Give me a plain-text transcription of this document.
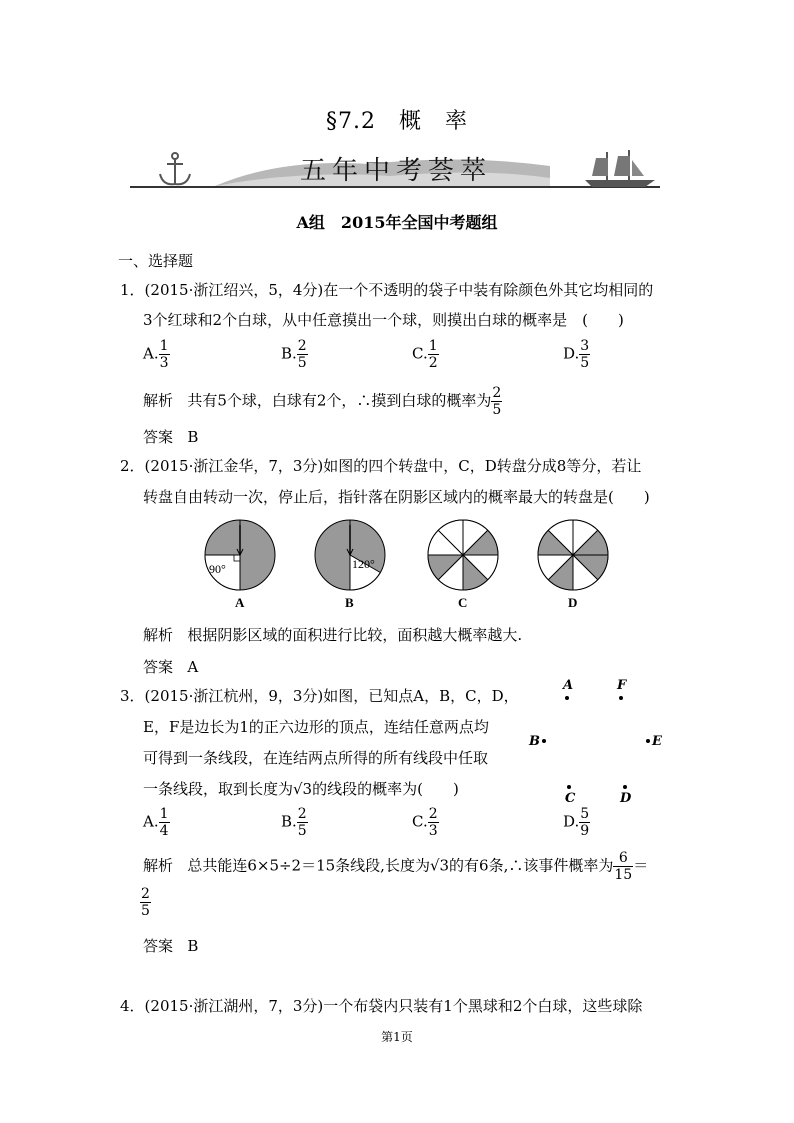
§7.2　概　率
五年中考荟萃
A组　2015年全国中考题组
一、选择题
1．(2015·浙江绍兴，5，4分)在一个不透明的袋子中装有除颜色外其它均相同的
3个红球和2个白球，从中任意摸出一个球，则摸出白球的概率是　(　　)
A. $\frac{1}{3}$	B. $\frac{2}{5}$	C. $\frac{1}{2}$	D. $\frac{3}{5}$
解析 共有5个球，白球有2个，∴摸到白球的概率为 $\frac{2}{5}$
答案 B
2．(2015·浙江金华，7，3分)如图的四个转盘中，C，D转盘分成8等分，若让
转盘自由转动一次，停止后，指针落在阴影区域内的概率最大的转盘是(　　)
90°
A
120°
B	C	D
解析 根据阴影区域的面积进行比较，面积越大概率越大.
答案 A
3．(2015·浙江杭州，9，3分)如图，已知点A，B，C，D，
E，F是边长为1的正六边形的顶点，连结任意两点均
可得到一条线段，在连结两点所得的所有线段中任取
一条线段，取到长度为√3的线段的概率为(　　)
A	F
B	E
C	D
A. $\frac{1}{4}$	B. $\frac{2}{5}$	C. $\frac{2}{3}$	D. $\frac{5}{9}$
解析 总共能连6×5÷2＝15条线段,长度为√3的有6条,∴该事件概率为 $\frac{6}{15}$ ＝
$\frac{2}{5}$
答案 B
4．(2015·浙江湖州，7，3分)一个布袋内只装有1个黑球和2个白球，这些球除
第1页
